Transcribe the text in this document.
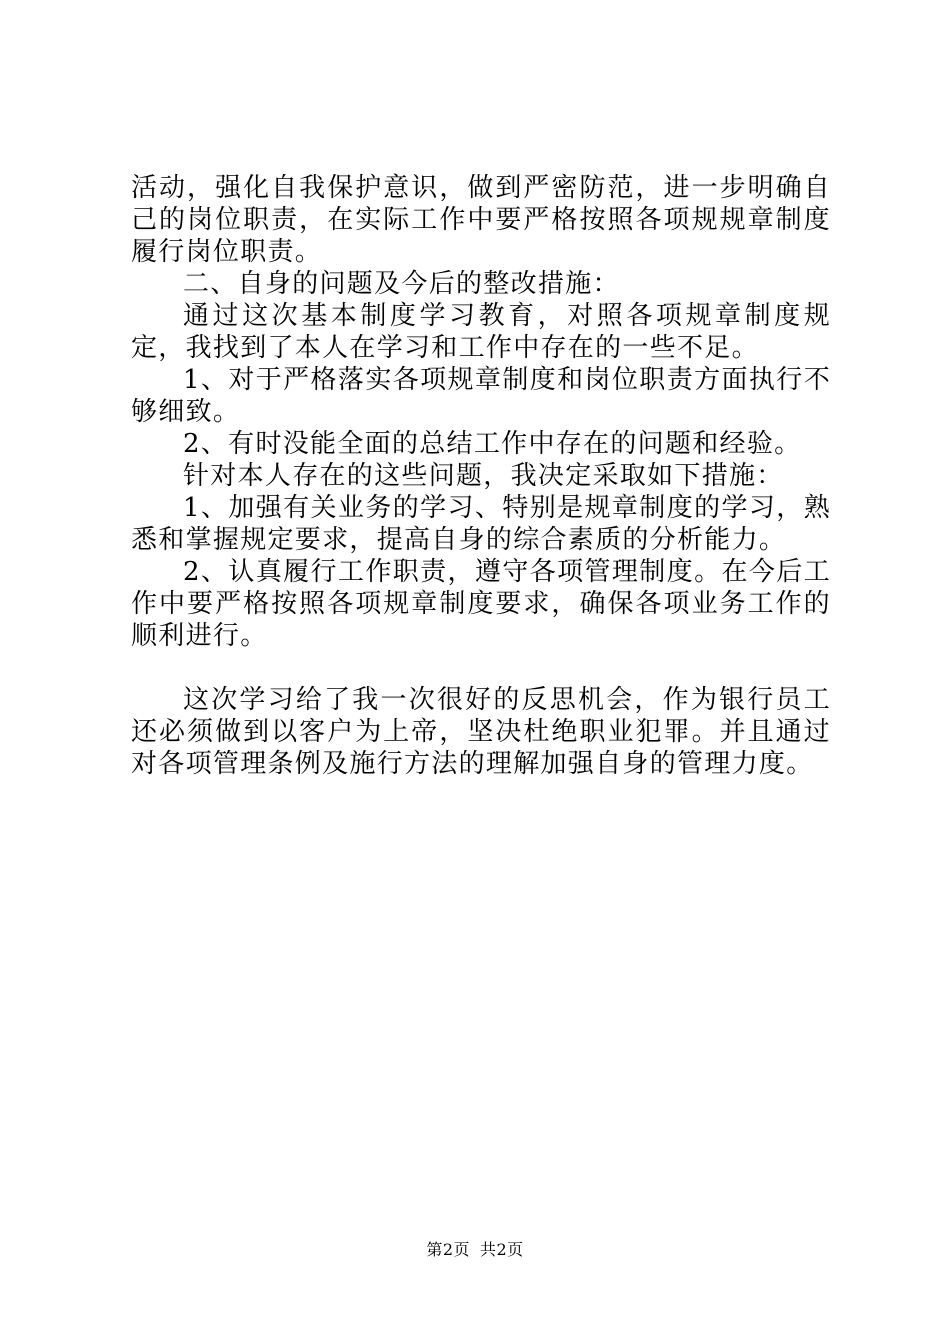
活动，强化自我保护意识，做到严密防范，进一步明确自己的岗位职责，在实际工作中要严格按照各项规规章制度履行岗位职责。

二、自身的问题及今后的整改措施：

通过这次基本制度学习教育，对照各项规章制度规定，我找到了本人在学习和工作中存在的一些不足。

1、对于严格落实各项规章制度和岗位职责方面执行不够细致。

2、有时没能全面的总结工作中存在的问题和经验。

针对本人存在的这些问题，我决定采取如下措施：

1、加强有关业务的学习、特别是规章制度的学习，熟悉和掌握规定要求，提高自身的综合素质的分析能力。

2、认真履行工作职责，遵守各项管理制度。在今后工作中要严格按照各项规章制度要求，确保各项业务工作的顺利进行。

这次学习给了我一次很好的反思机会，作为银行员工还必须做到以客户为上帝，坚决杜绝职业犯罪。并且通过对各项管理条例及施行方法的理解加强自身的管理力度。

第2页 共2页
